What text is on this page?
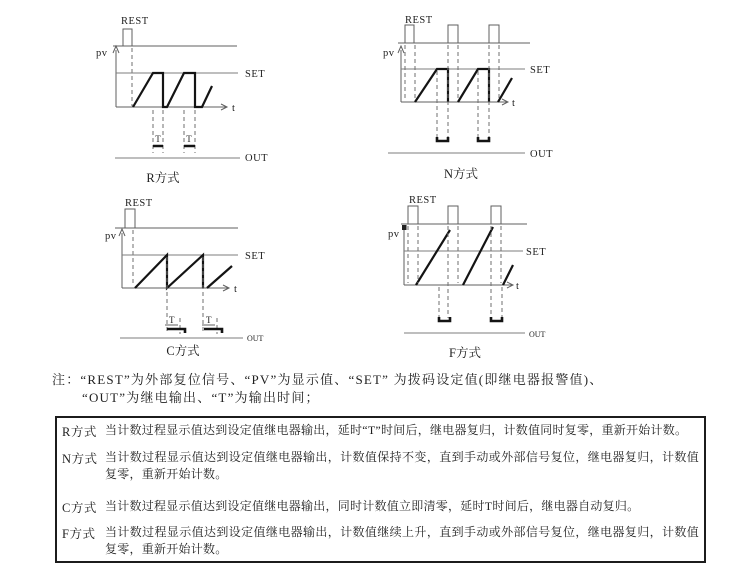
REST
pv
SET
t
T	T
OUT
R方式
REST
pv
SET
t
OUT
N方式
REST
pv
SET
t
T	T
OUT
C方式
REST
pv
SET
t
OUT
F方式
注：“REST”为外部复位信号、“PV”为显示值、“SET” 为拨码设定值(即继电器报警值)、
“OUT”为继电输出、“T”为输出时间；
R方式 当计数过程显示值达到设定值继电器输出，延时“T”时间后，继电器复归，计数值同时复零，重新开始计数。
N方式 当计数过程显示值达到设定值继电器输出，计数值保持不变，直到手动或外部信号复位，继电器复归，计数值复零，重新开始计数。
C方式 当计数过程显示值达到设定值继电器输出，同时计数值立即清零，延时T时间后，继电器自动复归。
F方式 当计数过程显示值达到设定值继电器输出，计数值继续上升，直到手动或外部信号复位，继电器复归，计数值复零，重新开始计数。
